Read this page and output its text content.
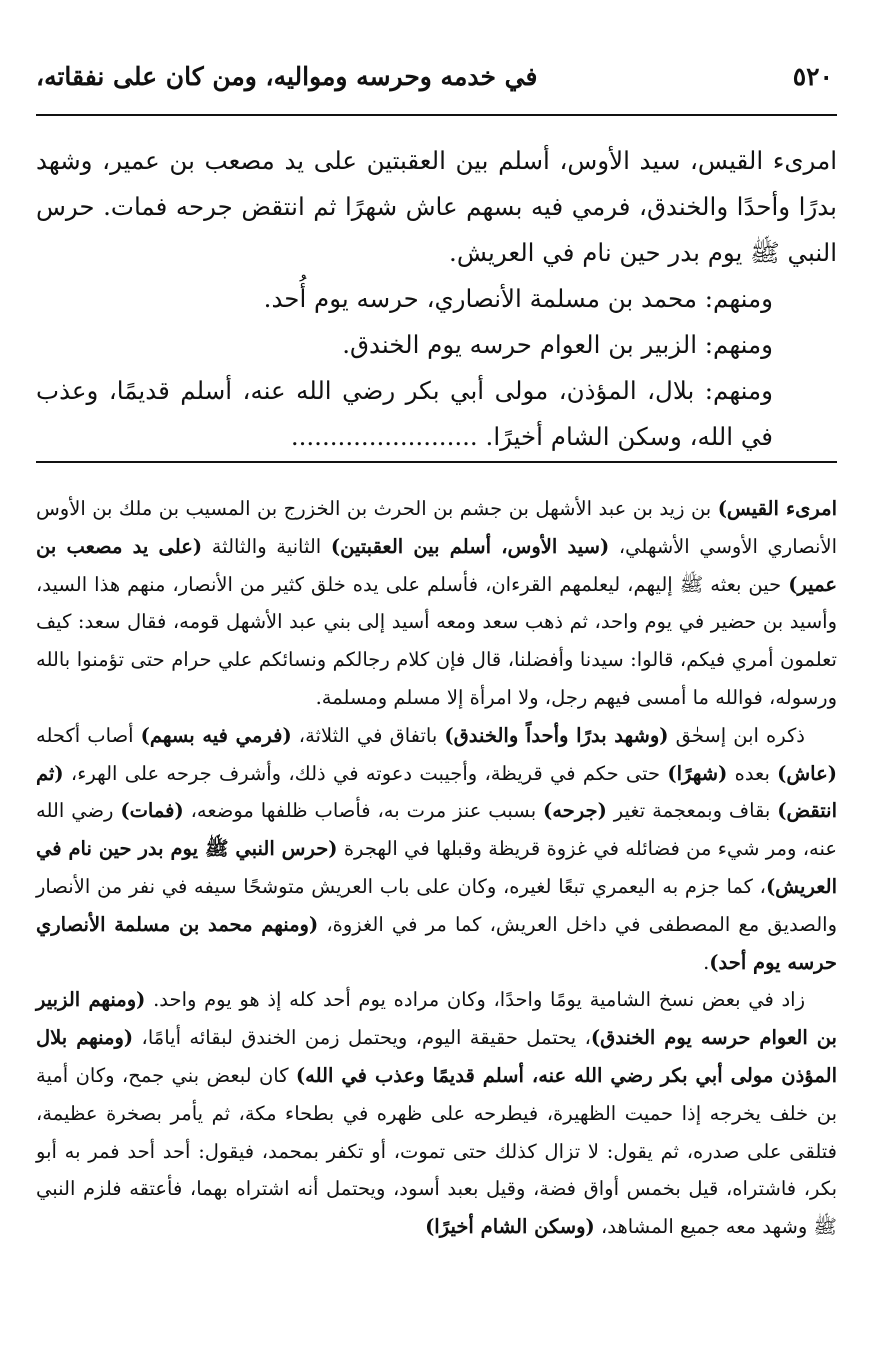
٥٢٠
في خدمه وحرسه ومواليه، ومن كان على نفقاته،

امرىء القيس، سيد الأوس، أسلم بين العقبتين على يد مصعب بن عمير، وشهد بدرًا وأحدًا والخندق، فرمي فيه بسهم عاش شهرًا ثم انتقض جرحه فمات. حرس النبي ﷺ يوم بدر حين نام في العريش.

ومنهم: محمد بن مسلمة الأنصاري، حرسه يوم أُحد.

ومنهم: الزبير بن العوام حرسه يوم الخندق.

ومنهم: بلال، المؤذن، مولى أبي بكر رضي الله عنه، أسلم قديمًا، وعذب في الله، وسكن الشام أخيرًا. ........................

امرىء القيس) بن زيد بن عبد الأشهل بن جشم بن الحرث بن الخزرج بن المسيب بن ملك بن الأوس الأنصاري الأوسي الأشهلي، (سيد الأوس، أسلم بين العقبتين) الثانية والثالثة (على يد مصعب بن عمير) حين بعثه ﷺ إليهم، ليعلمهم القرءان، فأسلم على يده خلق كثير من الأنصار، منهم هذا السيد، وأسيد بن حضير في يوم واحد، ثم ذهب سعد ومعه أسيد إلى بني عبد الأشهل قومه، فقال سعد: كيف تعلمون أمري فيكم، قالوا: سيدنا وأفضلنا، قال فإن كلام رجالكم ونسائكم علي حرام حتى تؤمنوا بالله ورسوله، فوالله ما أمسى فيهم رجل، ولا امرأة إلا مسلم ومسلمة.

ذكره ابن إسحٰق (وشهد بدرًا وأحداً والخندق) باتفاق في الثلاثة، (فرمي فيه بسهم) أصاب أكحله (عاش) بعده (شهرًا) حتى حكم في قريظة، وأجيبت دعوته في ذلك، وأشرف جرحه على الهرء، (ثم انتقض) بقاف وبمعجمة تغير (جرحه) بسبب عنز مرت به، فأصاب ظلفها موضعه، (فمات) رضي الله عنه، ومر شيء من فضائله في غزوة قريظة وقبلها في الهجرة (حرس النبي ﷺ يوم بدر حين نام في العريش)، كما جزم به اليعمري تبعًا لغيره، وكان على باب العريش متوشحًا سيفه في نفر من الأنصار والصديق مع المصطفى في داخل العريش، كما مر في الغزوة، (ومنهم محمد بن مسلمة الأنصاري حرسه يوم أحد).

زاد في بعض نسخ الشامية يومًا واحدًا، وكان مراده يوم أحد كله إذ هو يوم واحد. (ومنهم الزبير بن العوام حرسه يوم الخندق)، يحتمل حقيقة اليوم، ويحتمل زمن الخندق لبقائه أيامًا، (ومنهم بلال المؤذن مولى أبي بكر رضي الله عنه، أسلم قديمًا وعذب في الله) كان لبعض بني جمح، وكان أمية بن خلف يخرجه إذا حميت الظهيرة، فيطرحه على ظهره في بطحاء مكة، ثم يأمر بصخرة عظيمة، فتلقى على صدره، ثم يقول: لا تزال كذلك حتى تموت، أو تكفر بمحمد، فيقول: أحد أحد فمر به أبو بكر، فاشتراه، قيل بخمس أواق فضة، وقيل بعبد أسود، ويحتمل أنه اشتراه بهما، فأعتقه فلزم النبي ﷺ وشهد معه جميع المشاهد، (وسكن الشام أخيرًا)
